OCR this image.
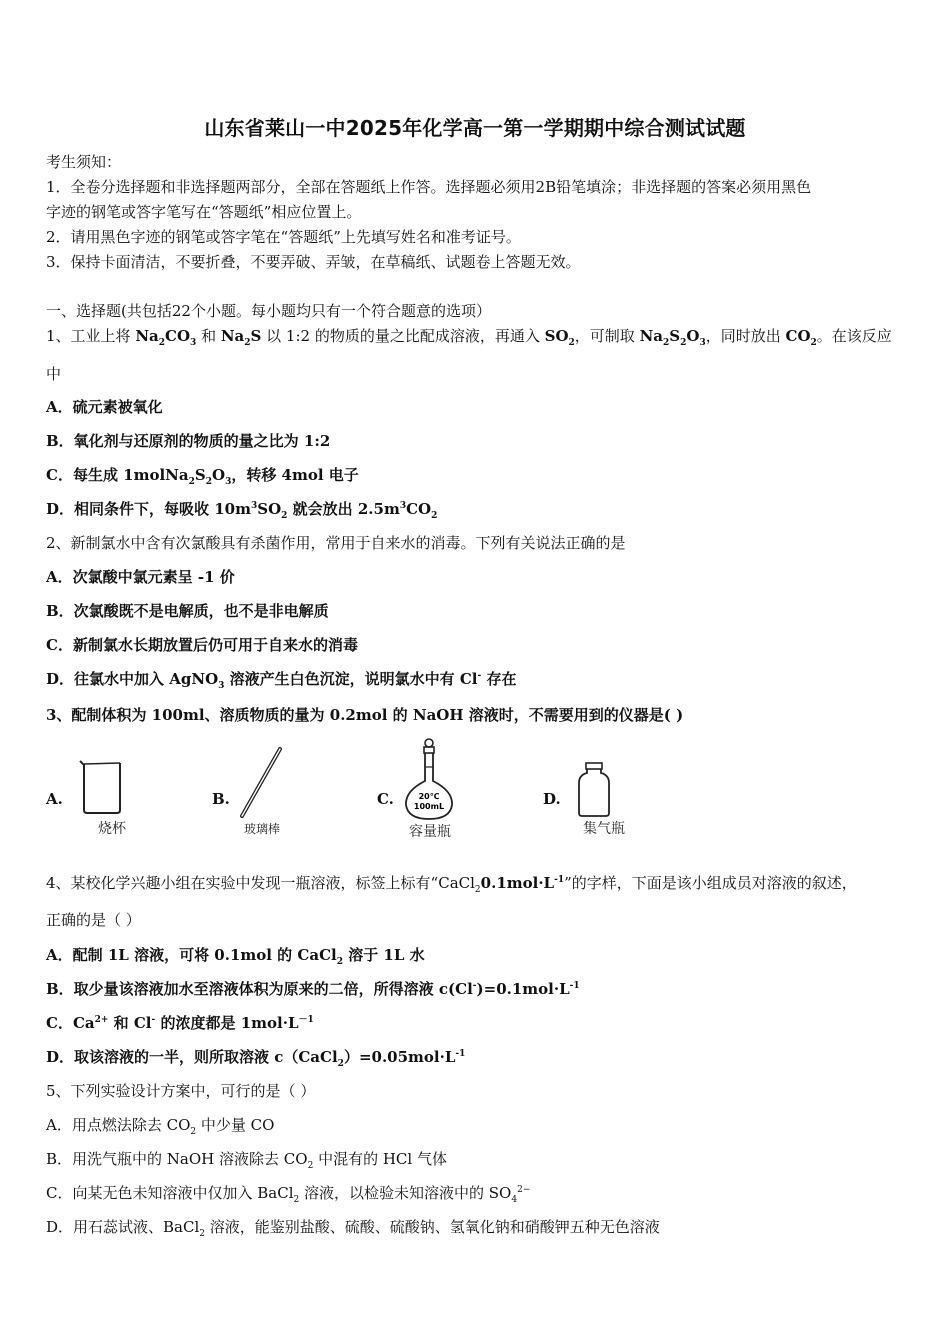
山东省莱山一中2025年化学高一第一学期期中综合测试试题
考生须知：
1．全卷分选择题和非选择题两部分，全部在答题纸上作答。选择题必须用2B铅笔填涂；非选择题的答案必须用黑色
字迹的钢笔或答字笔写在“答题纸”相应位置上。
2．请用黑色字迹的钢笔或答字笔在“答题纸”上先填写姓名和准考证号。
3．保持卡面清洁，不要折叠，不要弄破、弄皱，在草稿纸、试题卷上答题无效。
一、选择题(共包括22个小题。每小题均只有一个符合题意的选项）
1、工业上将 $Na_2CO_3$ 和 $Na_2S$ 以 1:2 的物质的量之比配成溶液，再通入 $SO_2$，可制取 $Na_2S_2O_3$，同时放出 $CO_2$。在该反应
中
A．硫元素被氧化
B．氧化剂与还原剂的物质的量之比为 1:2
C．每生成 $1molNa_2S_2O_3$，转移 4mol 电子
D．相同条件下，每吸收 $10m^3SO_2$ 就会放出 $2.5m^3CO_2$
2、新制氯水中含有次氯酸具有杀菌作用，常用于自来水的消毒。下列有关说法正确的是
A．次氯酸中氯元素呈 -1 价
B．次氯酸既不是电解质，也不是非电解质
C．新制氯水长期放置后仍可用于自来水的消毒
D．往氯水中加入 AgNO$_3$ 溶液产生白色沉淀，说明氯水中有 Cl- 存在
3、配制体积为 100ml、溶质物质的量为 0.2mol 的 NaOH 溶液时，不需要用到的仪器是( )
A.
烧杯
B.
玻璃棒
C.	20℃
100mL
容量瓶
D.
集气瓶
4、某校化学兴趣小组在实验中发现一瓶溶液，标签上标有“$CaCl_20.1mol\cdot L^{-1}$”的字样，下面是该小组成员对溶液的叙述，
正确的是（ ）
A．配制 1L 溶液，可将 0.1mol 的 CaCl$_2$ 溶于 1L 水
B．取少量该溶液加水至溶液体积为原来的二倍，所得溶液 $c(Cl^-)=0.1mol\cdot L^{-1}$
C．$Ca^{2+}$ 和 Cl- 的浓度都是 $1mol\cdot L^{-1}$
D．取该溶液的一半，则所取溶液 $c(CaCl_2)=0.05mol\cdot L^{-1}$
5、下列实验设计方案中，可行的是（ ）
A．用点燃法除去 $CO_2$ 中少量 CO
B．用洗气瓶中的 NaOH 溶液除去 $CO_2$ 中混有的 HCl 气体
C．向某无色未知溶液中仅加入 BaCl$_2$ 溶液，以检验未知溶液中的 $SO_4^{2-}$
D．用石蕊试液、BaCl$_2$ 溶液，能鉴别盐酸、硫酸、硫酸钠、氢氧化钠和硝酸钾五种无色溶液
